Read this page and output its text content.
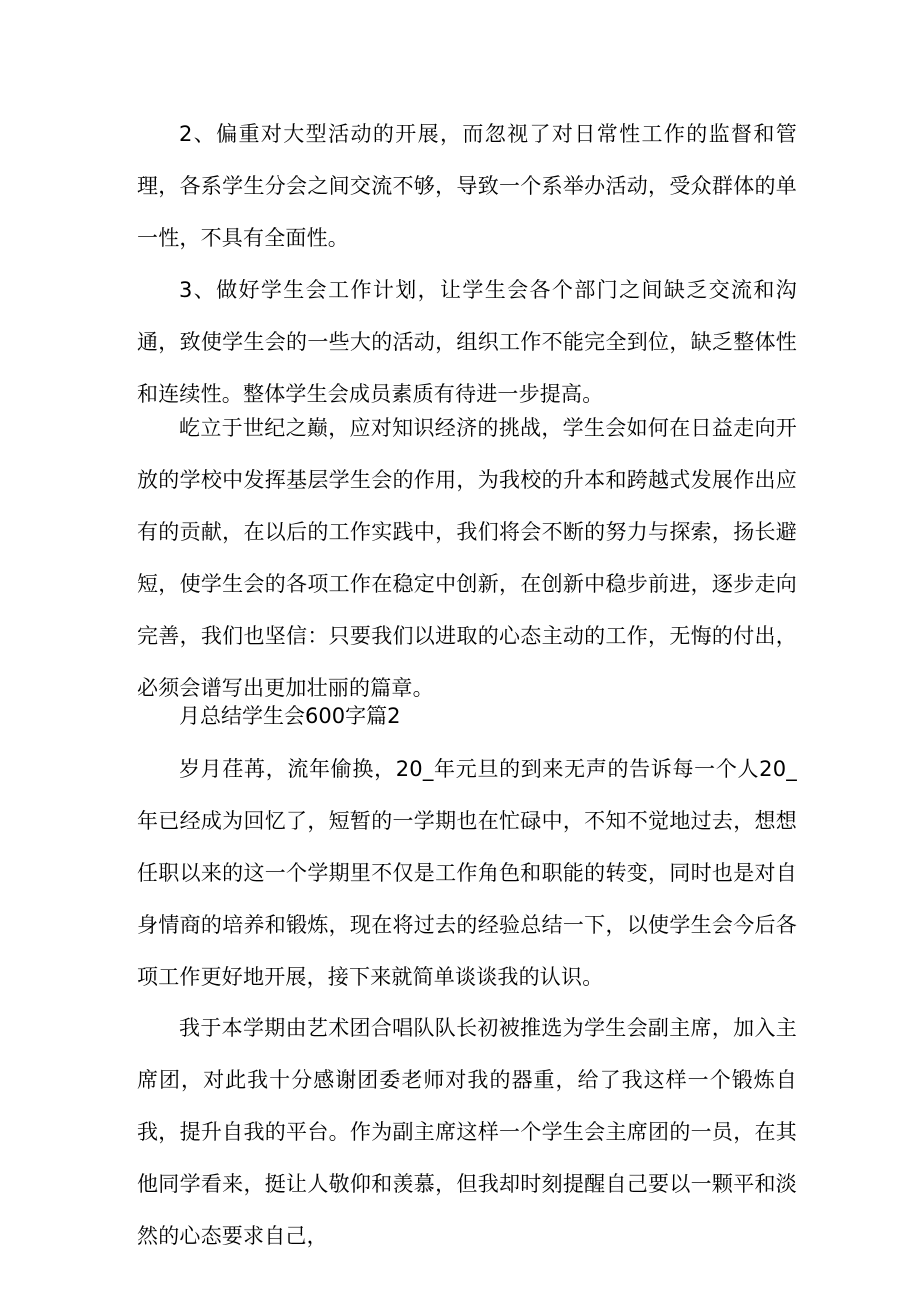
2、偏重对大型活动的开展，而忽视了对日常性工作的监督和管理，各系学生分会之间交流不够，导致一个系举办活动，受众群体的单一性，不具有全面性。

3、做好学生会工作计划，让学生会各个部门之间缺乏交流和沟通，致使学生会的一些大的活动，组织工作不能完全到位，缺乏整体性和连续性。整体学生会成员素质有待进一步提高。

屹立于世纪之巅，应对知识经济的挑战，学生会如何在日益走向开放的学校中发挥基层学生会的作用，为我校的升本和跨越式发展作出应有的贡献，在以后的工作实践中，我们将会不断的努力与探索，扬长避短，使学生会的各项工作在稳定中创新，在创新中稳步前进，逐步走向完善，我们也坚信：只要我们以进取的心态主动的工作，无悔的付出，必须会谱写出更加壮丽的篇章。

月总结学生会600字篇2

岁月荏苒，流年偷换，20_年元旦的到来无声的告诉每一个人20_年已经成为回忆了，短暂的一学期也在忙碌中，不知不觉地过去，想想任职以来的这一个学期里不仅是工作角色和职能的转变，同时也是对自身情商的培养和锻炼，现在将过去的经验总结一下，以使学生会今后各项工作更好地开展，接下来就简单谈谈我的认识。

我于本学期由艺术团合唱队队长初被推选为学生会副主席，加入主席团，对此我十分感谢团委老师对我的器重，给了我这样一个锻炼自我，提升自我的平台。作为副主席这样一个学生会主席团的一员，在其他同学看来，挺让人敬仰和羡慕，但我却时刻提醒自己要以一颗平和淡然的心态要求自己，
